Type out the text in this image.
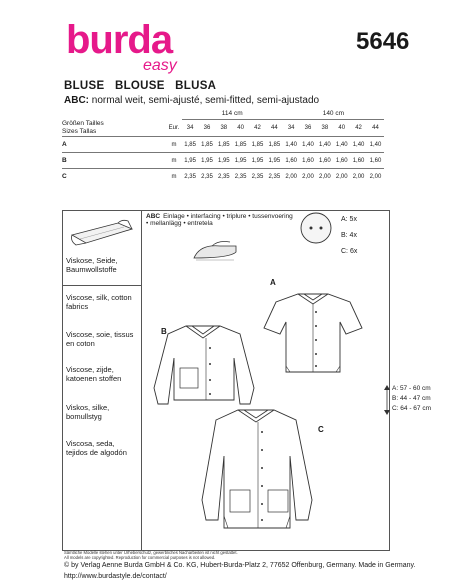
burda
easy
5646
BLUSE   BLOUSE   BLUSA
ABC: normal weit, semi-ajusté, semi-fitted, semi-ajustado
			114 cm						140 cm					
Größen Tailles
Sizes Tallas		Eur.	34	36	38	40	42	44	34	36	38	40	42	44
A		m	1,85	1,85	1,85	1,85	1,85	1,85	1,40	1,40	1,40	1,40	1,40	1,40
B		m	1,95	1,95	1,95	1,95	1,95	1,95	1,60	1,60	1,60	1,60	1,60	1,60
C		m	2,35	2,35	2,35	2,35	2,35	2,35	2,00	2,00	2,00	2,00	2,00	2,00
Viskose, Seide, Baumwollstoffe
Viscose, silk, cotton fabrics
Viscose, soie, tissus en coton
Viscose, zijde, katoenen stoffen
Viskos, silke, bomullstyg
Viscosa, seda, tejidos de algodón
ABC Einlage • interfacing • triplure • tussenvoering • mellanlägg • entretela
A: 5x
B: 4x
C: 6x
A
B
A: 57 - 60 cm
B: 44 - 47 cm
C: 64 - 67 cm
C
Sämtliche Modelle stehen unter Urheberschutz, gewerbliches Nacharbeiten ist nicht gestattet.
All models are copyrighted. Reproduction for commercial purposes is not allowed.
© by Verlag Aenne Burda GmbH & Co. KG, Hubert-Burda-Platz 2, 77652 Offenburg, Germany. Made in Germany.
http://www.burdastyle.de/contact/
